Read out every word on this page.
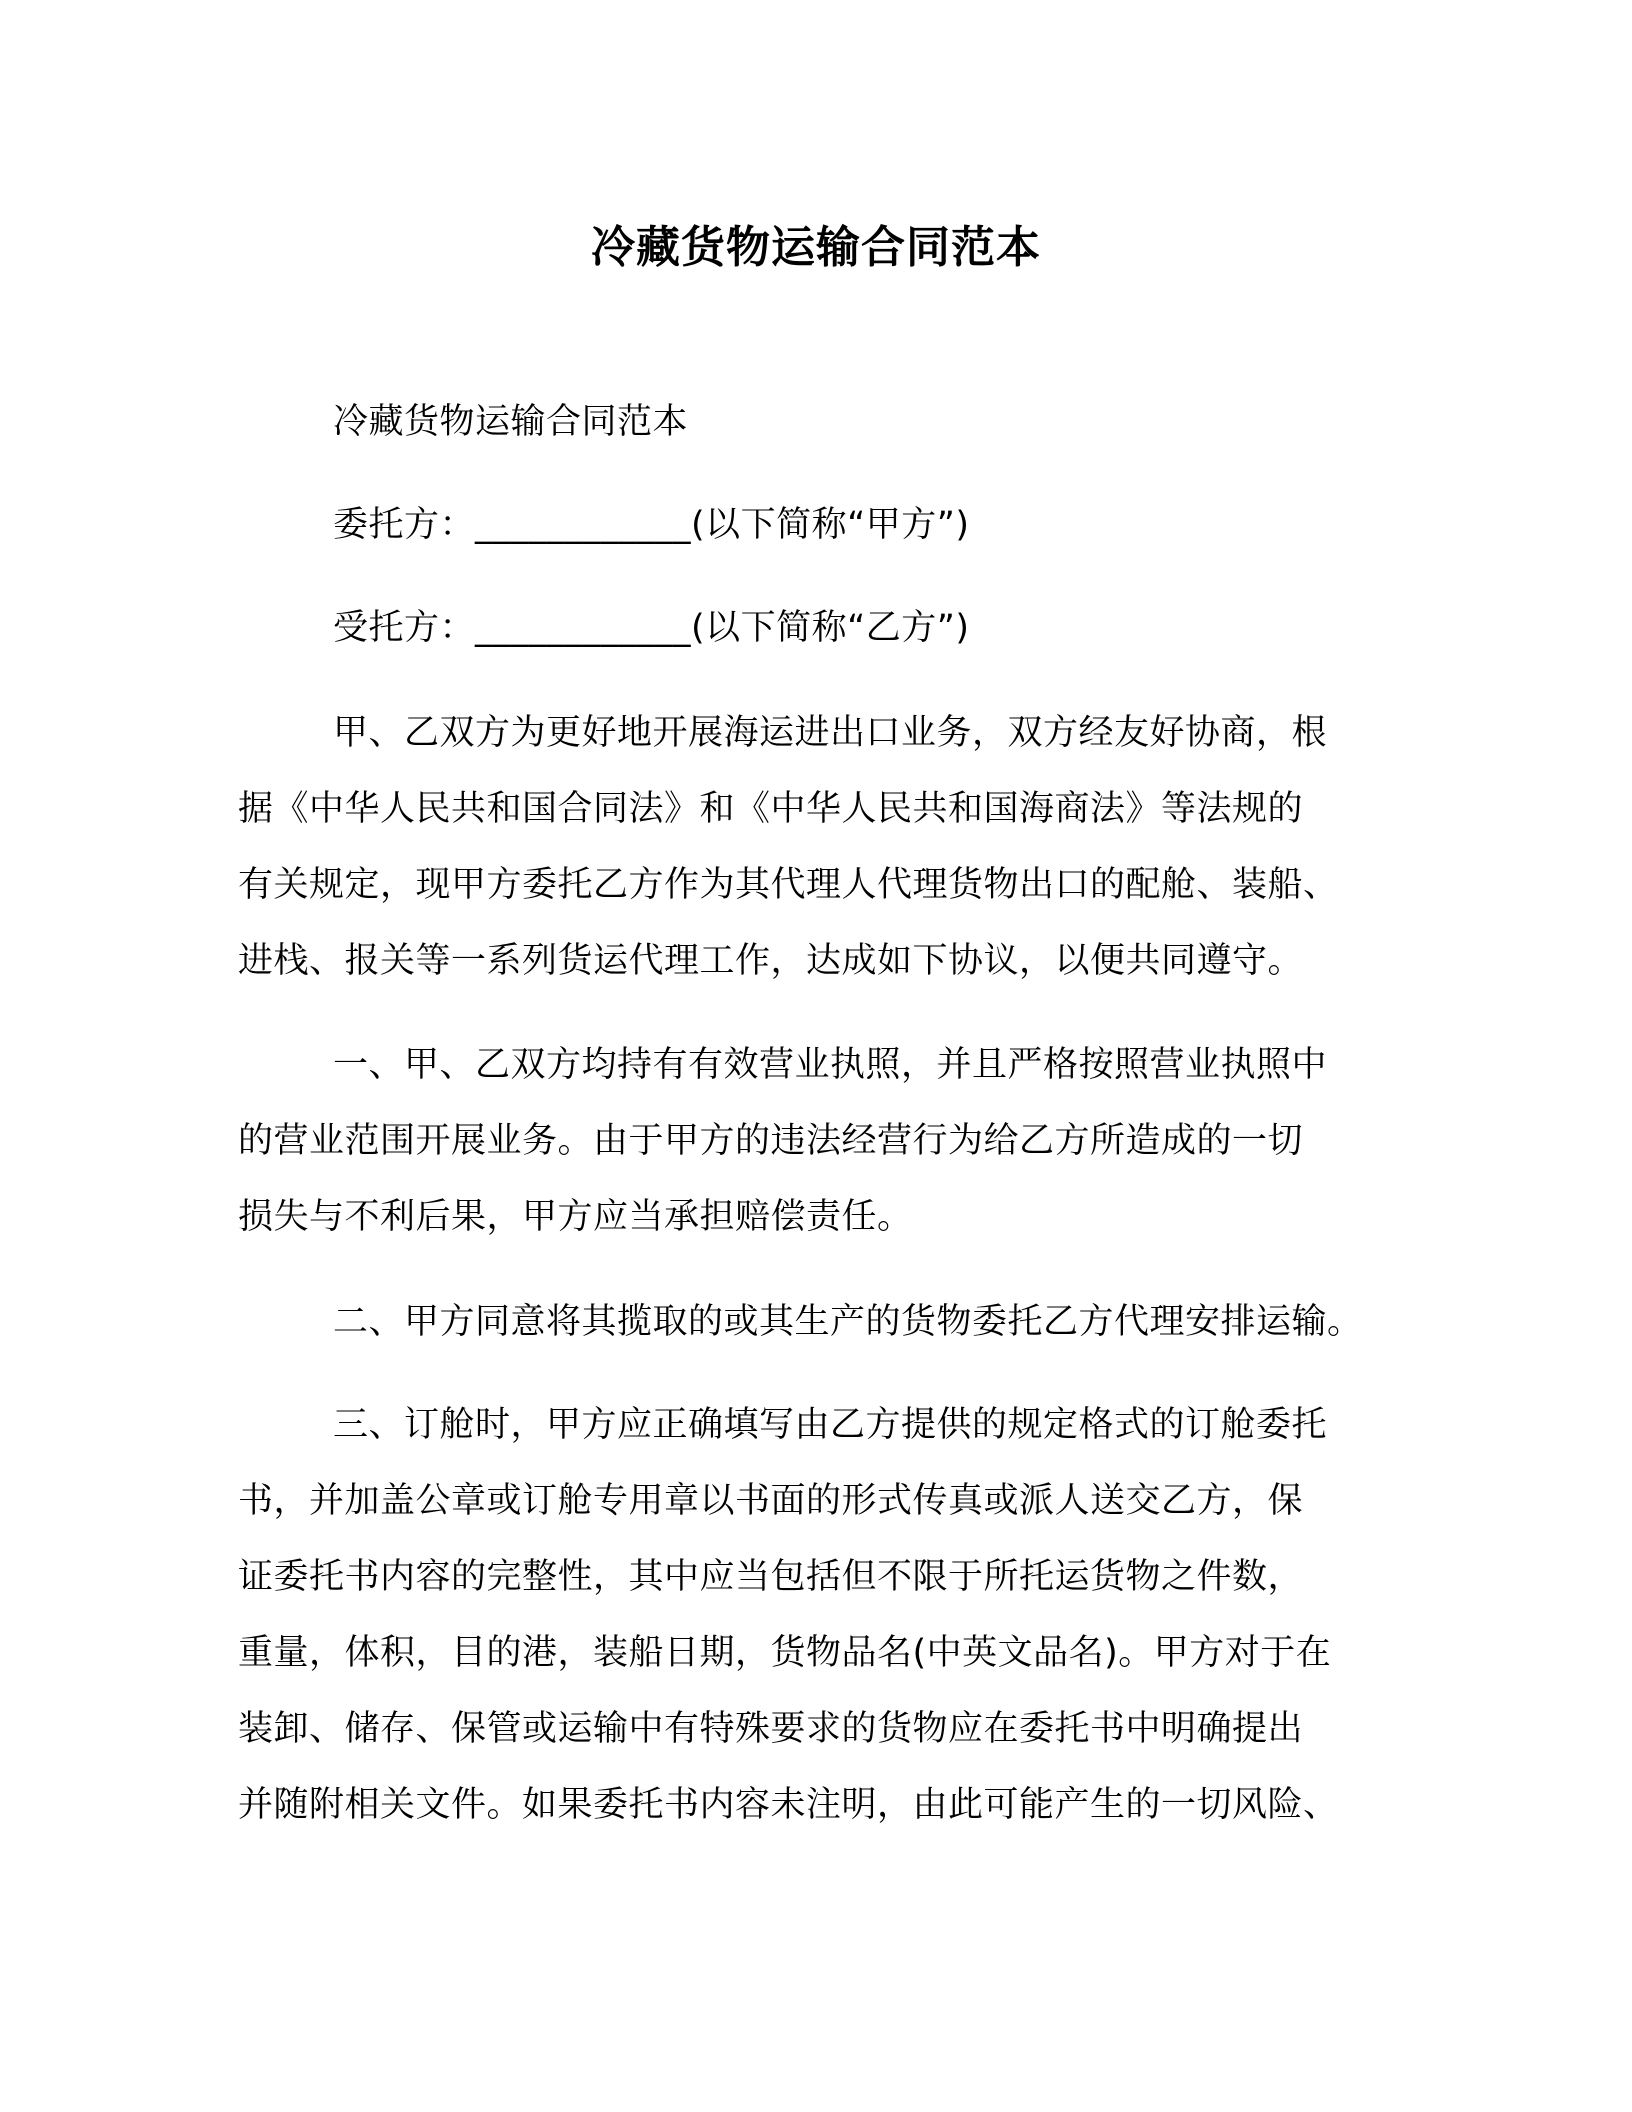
冷藏货物运输合同范本
冷藏货物运输合同范本
委托方：____________(以下简称“甲方”)
受托方：____________(以下简称“乙方”)
甲、乙双方为更好地开展海运进出口业务，双方经友好协商，根
据《中华人民共和国合同法》和《中华人民共和国海商法》等法规的
有关规定，现甲方委托乙方作为其代理人代理货物出口的配舱、装船、
进栈、报关等一系列货运代理工作，达成如下协议，以便共同遵守。
一、甲、乙双方均持有有效营业执照，并且严格按照营业执照中
的营业范围开展业务。由于甲方的违法经营行为给乙方所造成的一切
损失与不利后果，甲方应当承担赔偿责任。
二、甲方同意将其揽取的或其生产的货物委托乙方代理安排运输。
三、订舱时，甲方应正确填写由乙方提供的规定格式的订舱委托
书，并加盖公章或订舱专用章以书面的形式传真或派人送交乙方，保
证委托书内容的完整性，其中应当包括但不限于所托运货物之件数，
重量，体积，目的港，装船日期，货物品名(中英文品名)。甲方对于在
装卸、储存、保管或运输中有特殊要求的货物应在委托书中明确提出
并随附相关文件。如果委托书内容未注明，由此可能产生的一切风险、
